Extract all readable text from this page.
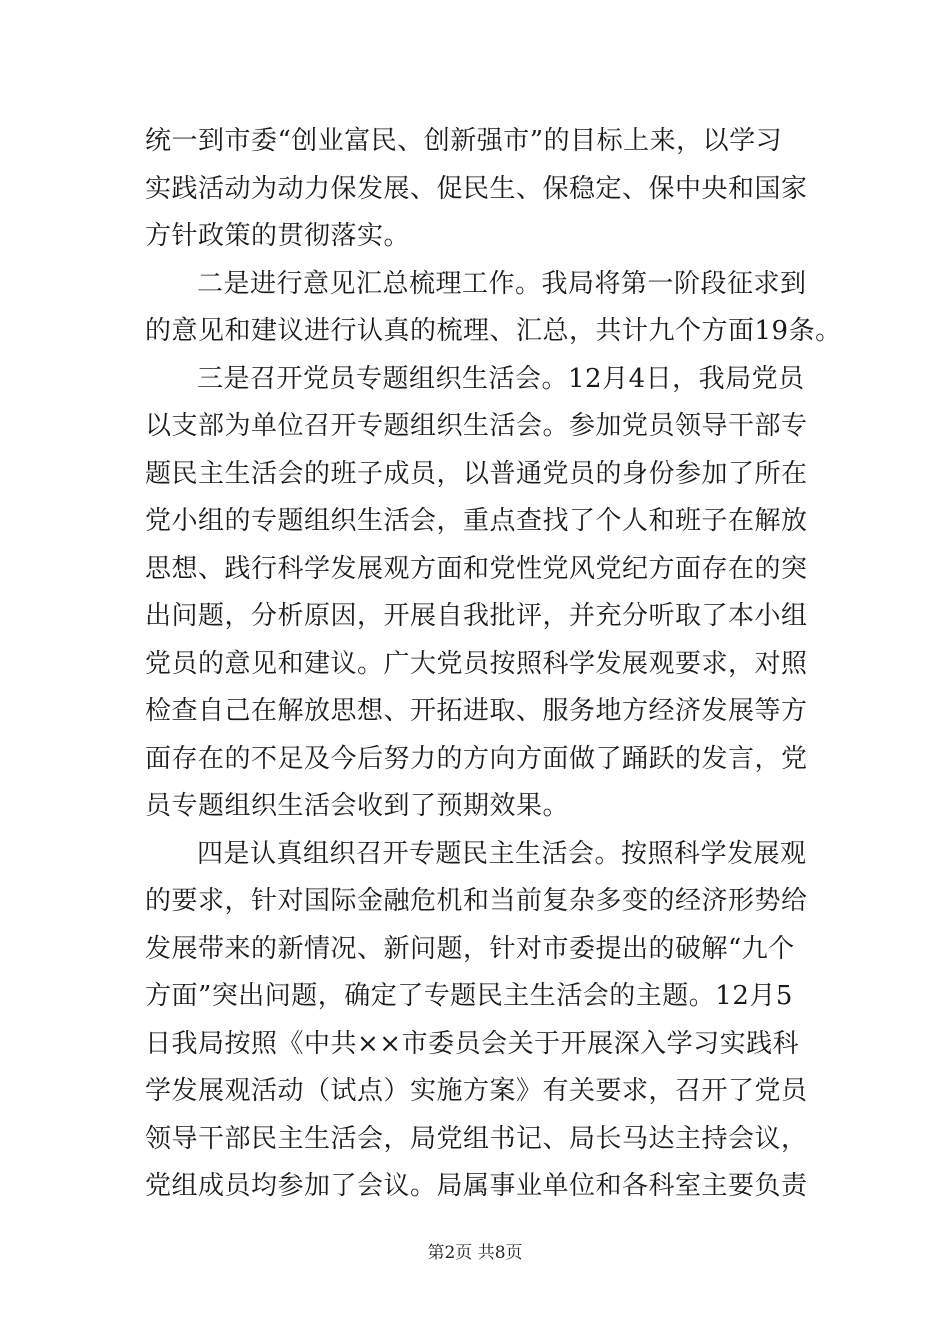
统一到市委“创业富民、创新强市”的目标上来，以学习
实践活动为动力保发展、促民生、保稳定、保中央和国家
方针政策的贯彻落实。
二是进行意见汇总梳理工作。我局将第一阶段征求到
的意见和建议进行认真的梳理、汇总，共计九个方面19条。
三是召开党员专题组织生活会。12月4日，我局党员
以支部为单位召开专题组织生活会。参加党员领导干部专
题民主生活会的班子成员，以普通党员的身份参加了所在
党小组的专题组织生活会，重点查找了个人和班子在解放
思想、践行科学发展观方面和党性党风党纪方面存在的突
出问题，分析原因，开展自我批评，并充分听取了本小组
党员的意见和建议。广大党员按照科学发展观要求，对照
检查自己在解放思想、开拓进取、服务地方经济发展等方
面存在的不足及今后努力的方向方面做了踊跃的发言，党
员专题组织生活会收到了预期效果。
四是认真组织召开专题民主生活会。按照科学发展观
的要求，针对国际金融危机和当前复杂多变的经济形势给
发展带来的新情况、新问题，针对市委提出的破解“九个
方面”突出问题，确定了专题民主生活会的主题。12月5
日我局按照《中共××市委员会关于开展深入学习实践科
学发展观活动（试点）实施方案》有关要求，召开了党员
领导干部民主生活会，局党组书记、局长马达主持会议，
党组成员均参加了会议。局属事业单位和各科室主要负责
第2页 共8页
